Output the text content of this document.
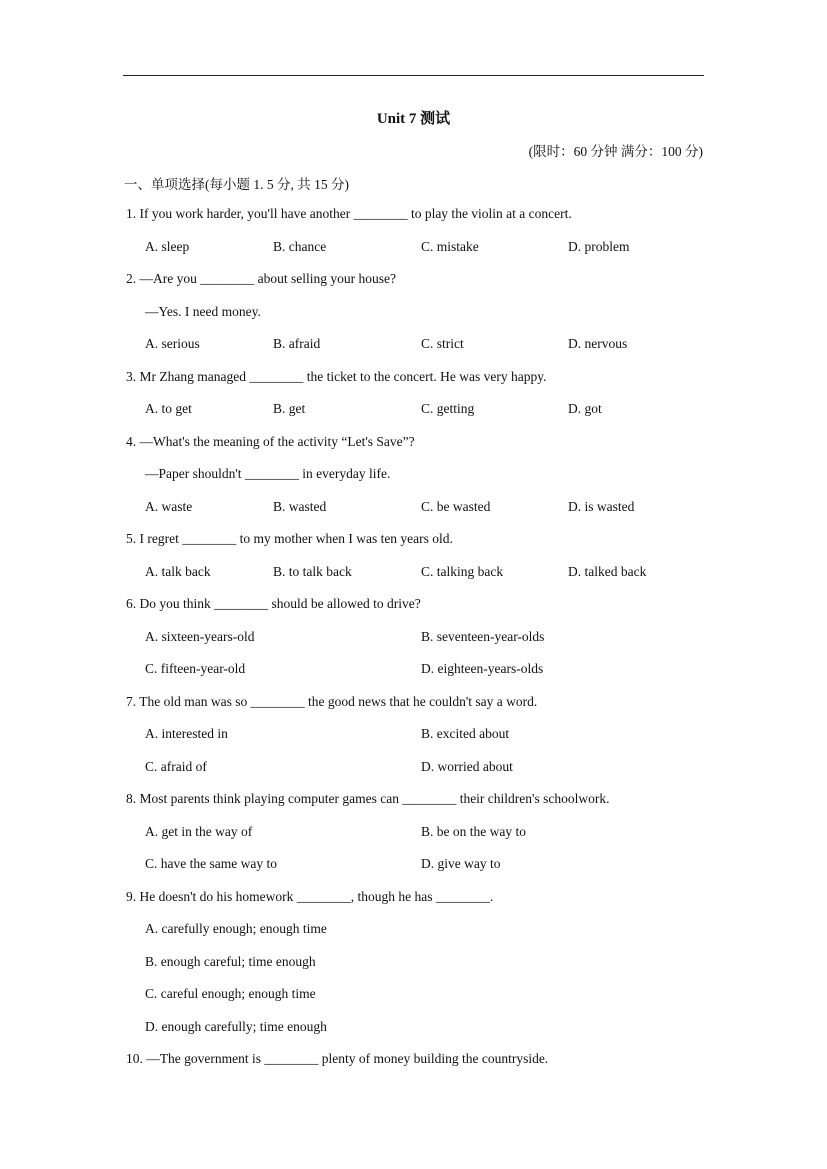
Unit 7 测试
(限时：60 分钟 满分：100 分)
一、单项选择(每小题 1. 5 分, 共 15 分)
1. If you work harder, you'll have another ________ to play the violin at a concert.
A. sleep	B. chance	C. mistake	D. problem
2. —Are you ________ about selling your house?
—Yes. I need money.
A. serious	B. afraid	C. strict	D. nervous
3. Mr Zhang managed ________ the ticket to the concert. He was very happy.
A. to get	B. get	C. getting	D. got
4. —What's the meaning of the activity “Let's Save”?
—Paper shouldn't ________ in everyday life.
A. waste	B. wasted	C. be wasted	D. is wasted
5. I regret ________ to my mother when I was ten years old.
A. talk back	B. to talk back	C. talking back	D. talked back
6. Do you think ________ should be allowed to drive?
A. sixteen-years-old	B. seventeen-year-olds
C. fifteen-year-old	D. eighteen-years-olds
7. The old man was so ________ the good news that he couldn't say a word.
A. interested in	B. excited about
C. afraid of	D. worried about
8. Most parents think playing computer games can ________ their children's schoolwork.
A. get in the way of	B. be on the way to
C. have the same way to	D. give way to
9. He doesn't do his homework ________, though he has ________.
A. carefully enough; enough time
B. enough careful; time enough
C. careful enough; enough time
D. enough carefully; time enough
10. —The government is ________ plenty of money building the countryside.
